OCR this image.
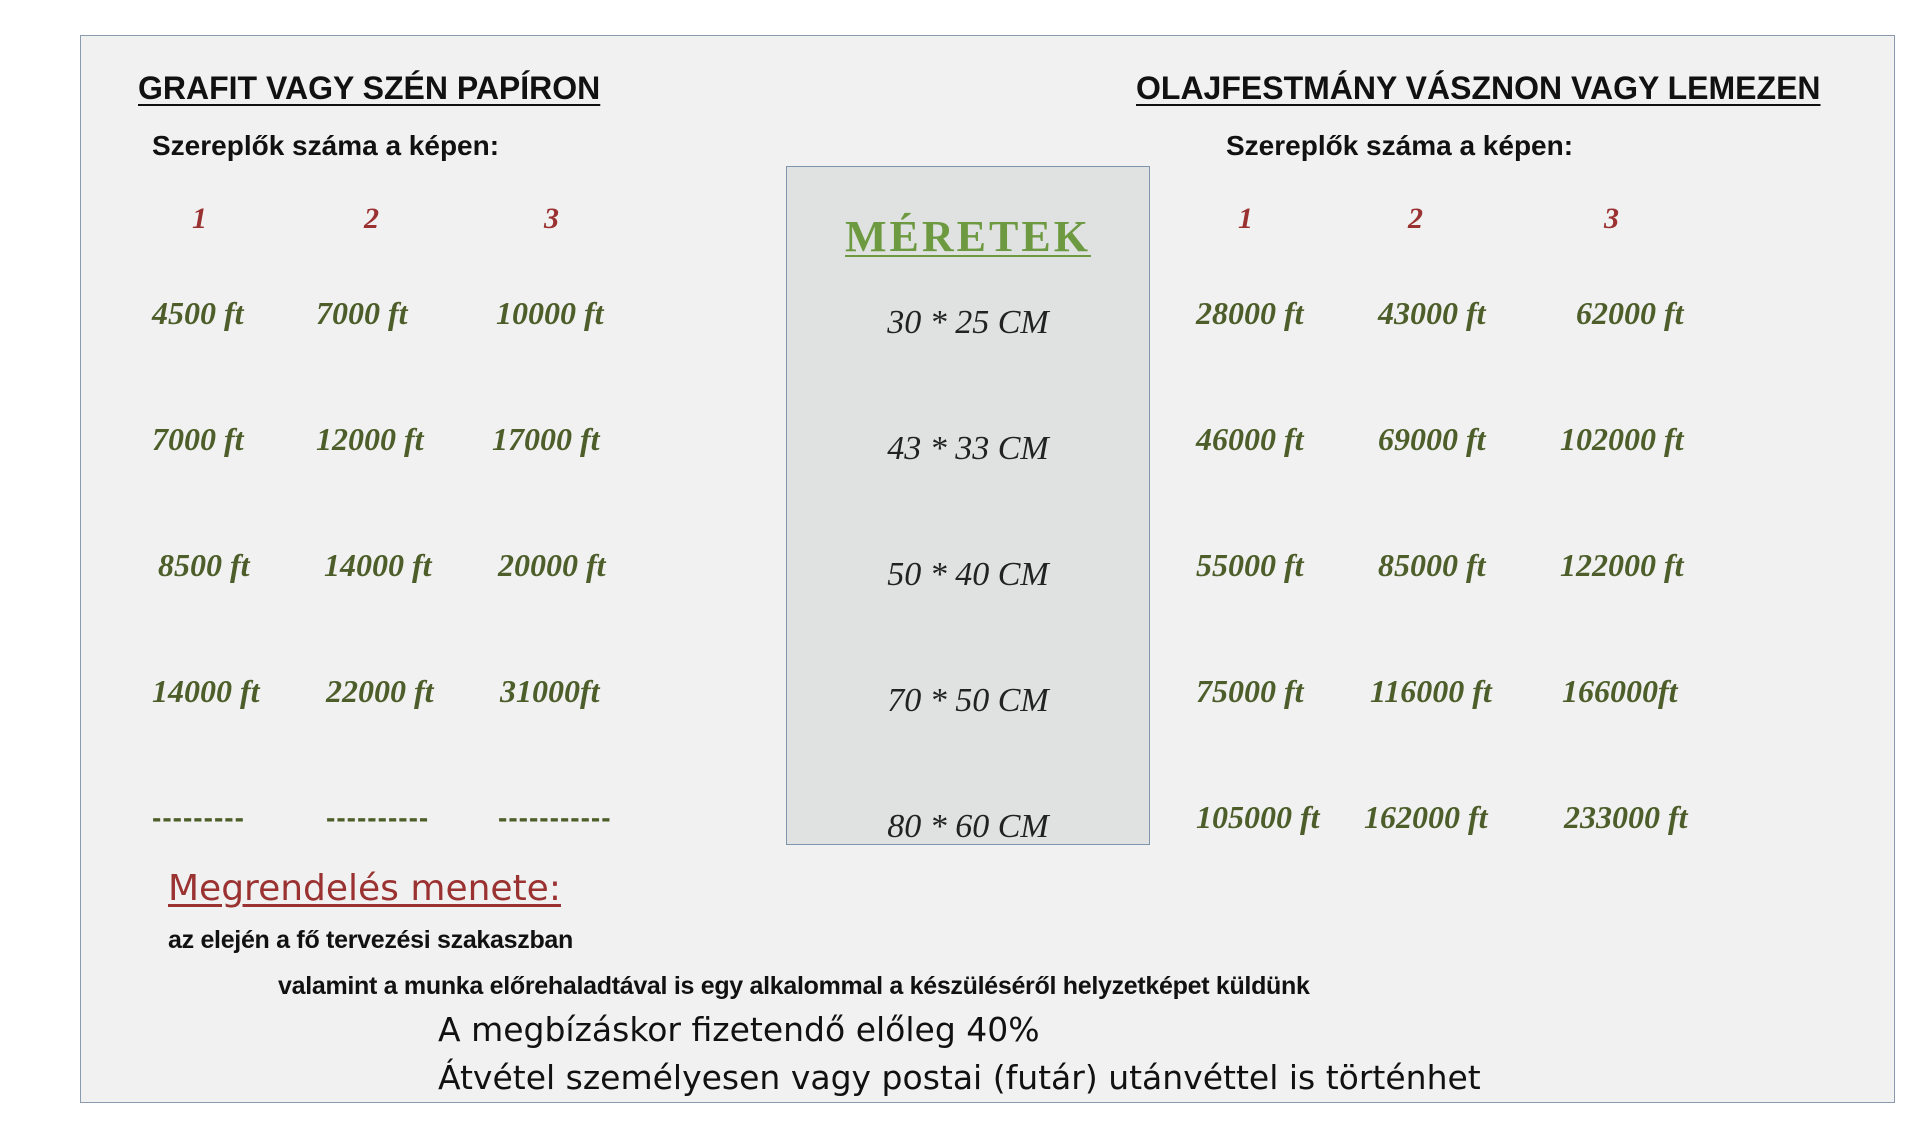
GRAFIT VAGY SZÉN PAPÍRON
Szereplők száma a képen:
1	2	3
4500 ft 7000 ft	10000 ft
7000 ft 12000 ft 17000 ft
8500 ft 14000 ft 20000 ft
14000 ft 22000 ft 31000ft
---------	---------- -----------
MÉRETEK
30 * 25 CM
43 * 33 CM
50 * 40 CM
70 * 50 CM
80 * 60 CM
OLAJFESTMÁNY VÁSZNON VAGY LEMEZEN
Szereplők száma a képen:
1	2	3
28000 ft 43000 ft	62000 ft
46000 ft 69000 ft 102000 ft
55000 ft 85000 ft 122000 ft
75000 ft 116000 ft 166000ft
105000 ft 162000 ft 233000 ft
Megrendelés menete:
az elején a fő tervezési szakaszban
valamint a munka előrehaladtával is egy alkalommal a készüléséről helyzetképet küldünk
A megbízáskor fizetendő előleg 40%
Átvétel személyesen vagy postai (futár) utánvéttel is történhet
